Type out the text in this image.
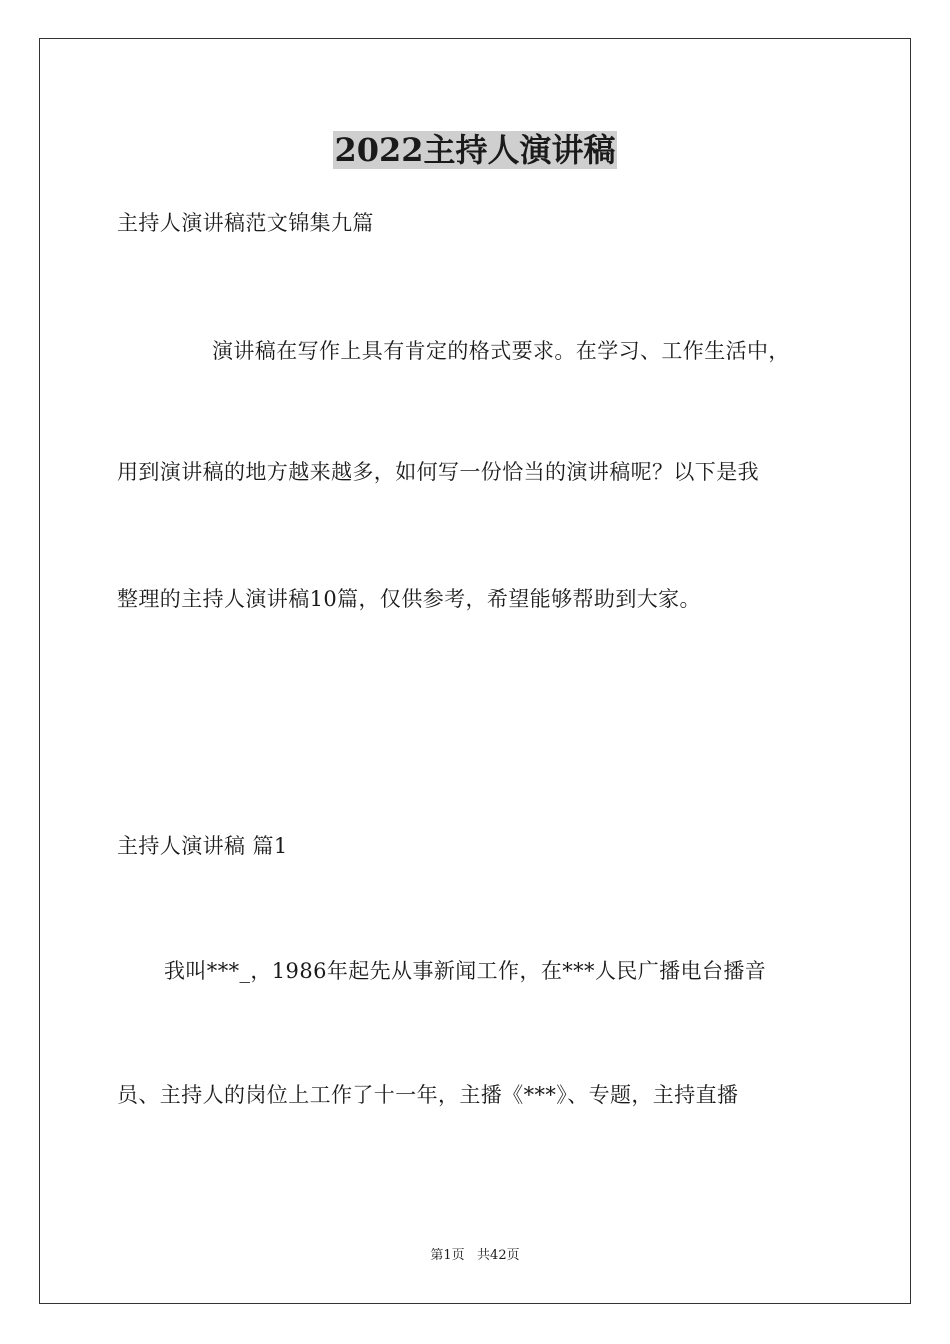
2022主持人演讲稿
主持人演讲稿范文锦集九篇
演讲稿在写作上具有肯定的格式要求。在学习、工作生活中，
用到演讲稿的地方越来越多，如何写一份恰当的演讲稿呢？以下是我
整理的主持人演讲稿10篇，仅供参考，希望能够帮助到大家。
主持人演讲稿 篇1
我叫***_，1986年起先从事新闻工作，在***人民广播电台播音
员、主持人的岗位上工作了十一年，主播《***》、专题，主持直播
第1页   共42页
